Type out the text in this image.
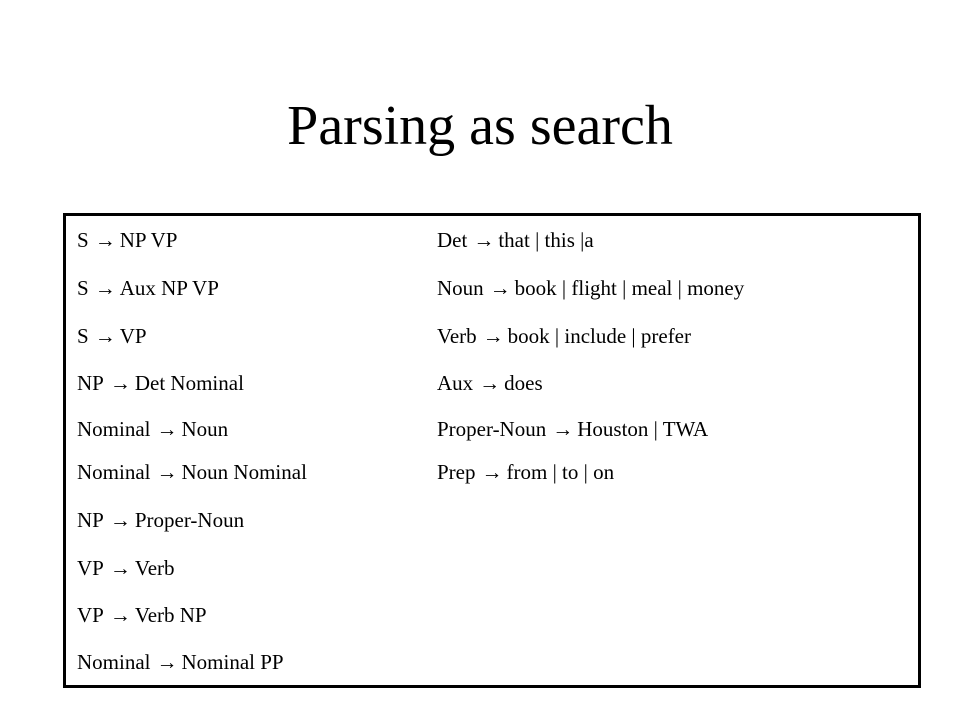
Parsing as search
S → NP VP
S → Aux NP VP
S → VP
NP → Det Nominal
Nominal → Noun
Nominal → Noun Nominal
NP → Proper-Noun
VP → Verb
VP → Verb NP
Nominal → Nominal PP
Det → that | this |a
Noun → book | flight | meal | money
Verb → book | include | prefer
Aux → does
Proper-Noun → Houston | TWA
Prep → from | to | on
